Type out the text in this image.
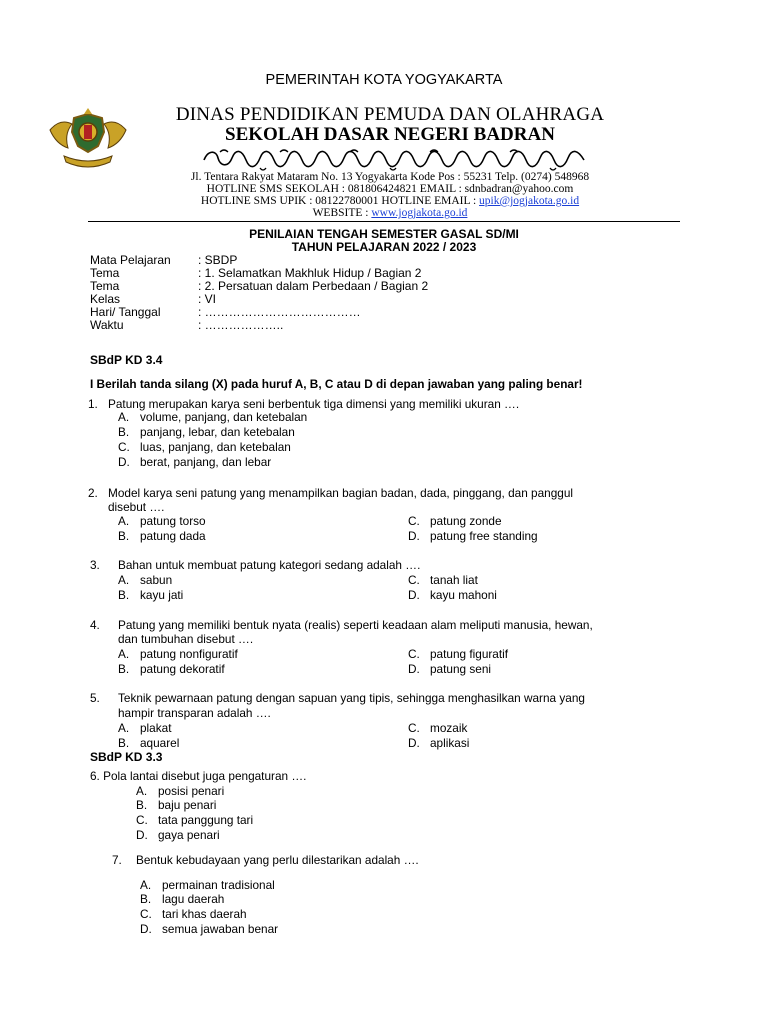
PEMERINTAH KOTA YOGYAKARTA
DINAS PENDIDIKAN PEMUDA DAN OLAHRAGA
SEKOLAH DASAR NEGERI BADRAN
Jl. Tentara Rakyat Mataram No. 13 Yogyakarta Kode Pos : 55231 Telp. (0274) 548968
HOTLINE SMS SEKOLAH : 081806424821 EMAIL : sdnbadran@yahoo.com
HOTLINE SMS UPIK : 08122780001 HOTLINE EMAIL : upik@jogjakota.go.id
WEBSITE : www.jogjakota.go.id
PENILAIAN TENGAH SEMESTER GASAL SD/MI
TAHUN PELAJARAN 2022 / 2023
Mata Pelajaran : SBDP
Tema	: 1. Selamatkan Makhluk Hidup / Bagian 2
Tema	: 2. Persatuan dalam Perbedaan / Bagian 2
Kelas	: VI
Hari/ Tanggal	: …………………………………
Waktu	: ………………..
SBdP KD 3.4
I Berilah tanda silang (X) pada huruf A, B, C atau D di depan jawaban yang paling benar!
1. Patung merupakan karya seni berbentuk tiga dimensi yang memiliki ukuran ….
A. volume, panjang, dan ketebalan
B. panjang, lebar, dan ketebalan
C. luas, panjang, dan ketebalan
D. berat, panjang, dan lebar
2. Model karya seni patung yang menampilkan bagian badan, dada, pinggang, dan panggul
disebut ….
A. patung torso
B. patung dada
C. patung zonde
D. patung free standing
3. Bahan untuk membuat patung kategori sedang adalah ….
A. sabun
B. kayu jati
C. tanah liat
D. kayu mahoni
4. Patung yang memiliki bentuk nyata (realis) seperti keadaan alam meliputi manusia, hewan,
dan tumbuhan disebut ….
A. patung nonfiguratif
B. patung dekoratif
C. patung figuratif
D. patung seni
5. Teknik pewarnaan patung dengan sapuan yang tipis, sehingga menghasilkan warna yang
hampir transparan adalah ….
A. plakat
B. aquarel
C. mozaik
D. aplikasi
SBdP KD 3.3
6. Pola lantai disebut juga pengaturan ….
A. posisi penari
B. baju penari
C. tata panggung tari
D. gaya penari
7. Bentuk kebudayaan yang perlu dilestarikan adalah ….
A. permainan tradisional
B. lagu daerah
C. tari khas daerah
D. semua jawaban benar
